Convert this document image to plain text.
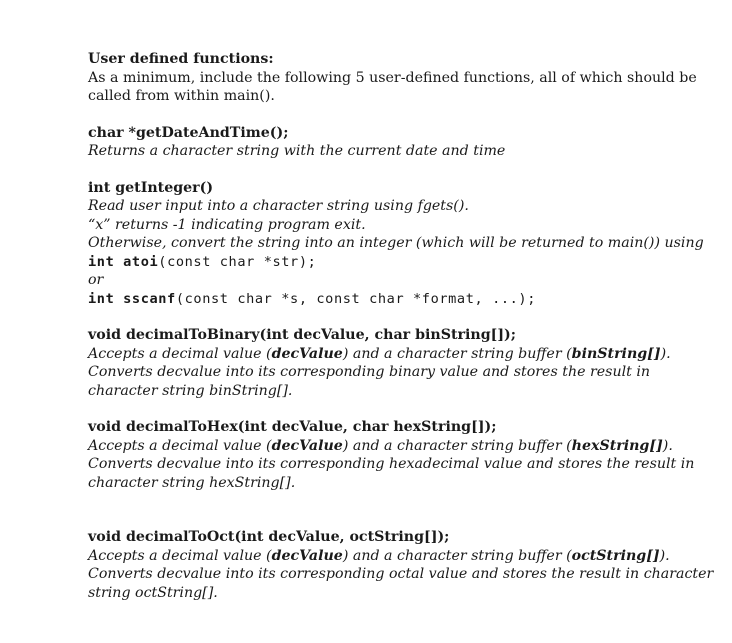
User defined functions:
As a minimum, include the following 5 user-defined functions, all of which should be
called from within main().
char *getDateAndTime();
Returns a character string with the current date and time
int getInteger()
Read user input into a character string using fgets().
“x” returns -1 indicating program exit.
Otherwise, convert the string into an integer (which will be returned to main()) using
int atoi(const char *str);
or
int sscanf(const char *s, const char *format, ...);
void decimalToBinary(int decValue, char binString[]);
Accepts a decimal value (decValue) and a character string buffer (binString[]).
Converts decvalue into its corresponding binary value and stores the result in
character string binString[].
void decimalToHex(int decValue, char hexString[]);
Accepts a decimal value (decValue) and a character string buffer (hexString[]).
Converts decvalue into its corresponding hexadecimal value and stores the result in
character string hexString[].
void decimalToOct(int decValue, octString[]);
Accepts a decimal value (decValue) and a character string buffer (octString[]).
Converts decvalue into its corresponding octal value and stores the result in character
string octString[].
